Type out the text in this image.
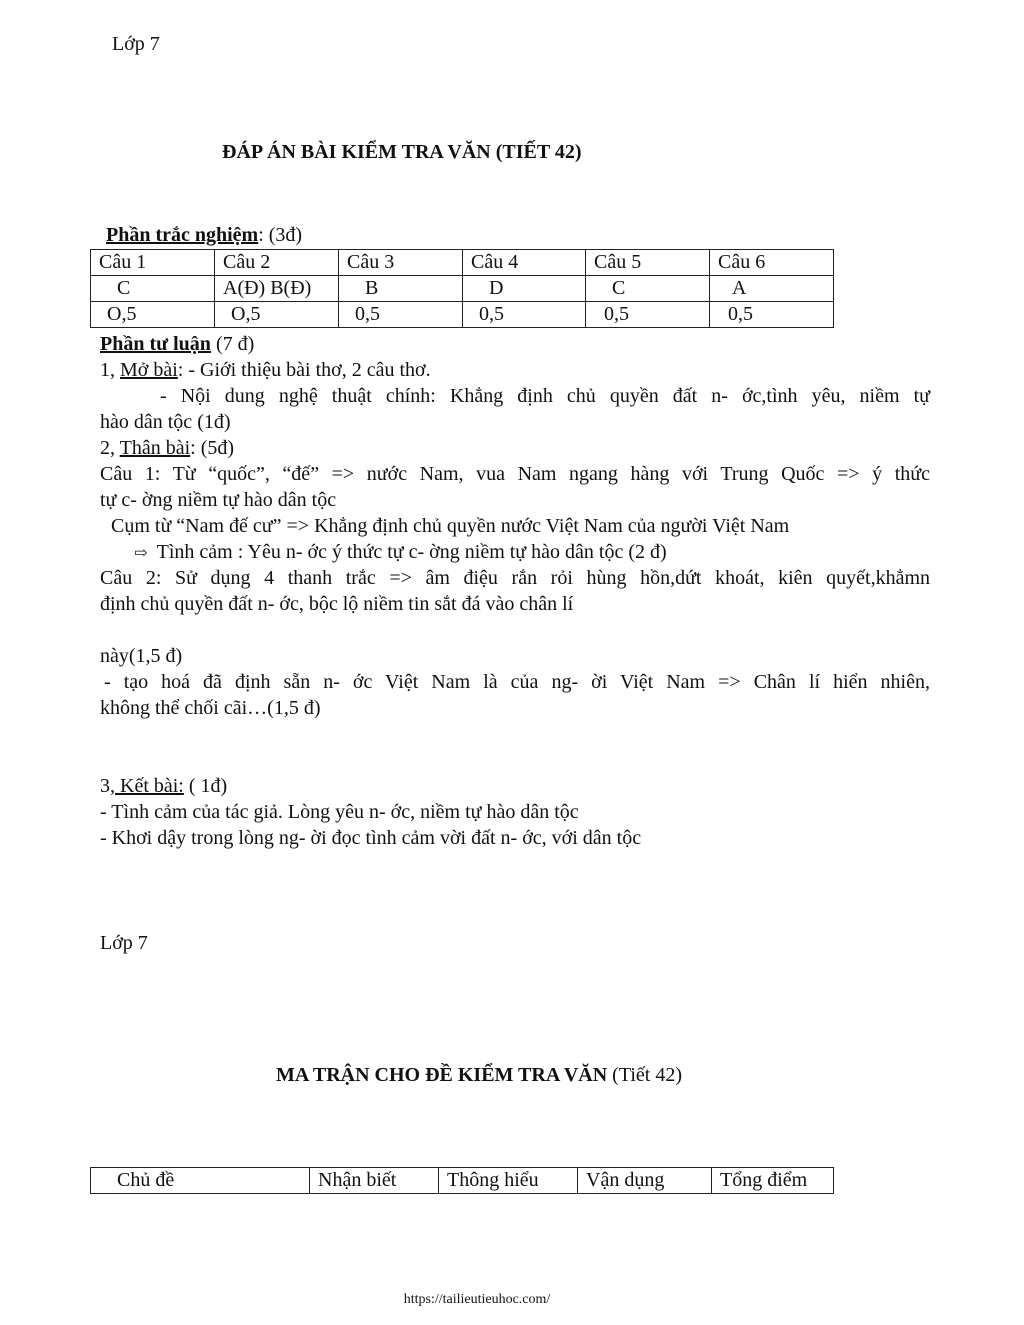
Lớp 7
ĐÁP ÁN BÀI KIỂM TRA VĂN (TIẾT 42)
Phần trắc nghiệm: (3đ)
Câu 1	Câu 2	Câu 3	Câu 4	Câu 5	Câu 6
C	A(Đ) B(Đ)	B	D	C	A
O,5	O,5	0,5	0,5	0,5	0,5
Phần tư luận (7 đ)
1, Mở bài: - Giới thiệu bài thơ, 2 câu thơ.
- Nội dung nghệ thuật chính: Khẳng định chủ quyền đất n- ớc,tình yêu, niềm tự
hào dân tộc (1đ)
2, Thân bài: (5đ)
Câu 1: Từ “quốc”, “đế” => nước Nam, vua Nam ngang hàng với Trung Quốc => ý thức
tự c- ờng niềm tự hào dân tộc
Cụm từ “Nam đế cư” => Khẳng định chủ quyền nước Việt Nam của người Việt Nam
⇨ Tình cảm : Yêu n- ớc ý thức tự c- ờng niềm tự hào dân tộc (2 đ)
Câu 2: Sử dụng 4 thanh trắc => âm điệu rắn rỏi hùng hồn,dứt khoát, kiên quyết,khẳmn
định chủ quyền đất n- ớc, bộc lộ niềm tin sắt đá vào chân lí
này(1,5 đ)
- tạo hoá đã định sẵn n- ớc Việt Nam là của ng- ời Việt Nam => Chân lí hiển nhiên,
không thể chối cãi…(1,5 đ)
3, Kết bài: ( 1đ)
- Tình cảm của tác giả. Lòng yêu n- ớc, niềm tự hào dân tộc
- Khơi dậy trong lòng ng- ời đọc tình cảm vời đất n- ớc, với dân tộc
Lớp 7
MA TRẬN CHO ĐỀ KIỂM TRA VĂN (Tiết 42)
Chủ đề	Nhận biết	Thông hiểu	Vận dụng	Tổng điểm
https://tailieutieuhoc.com/
